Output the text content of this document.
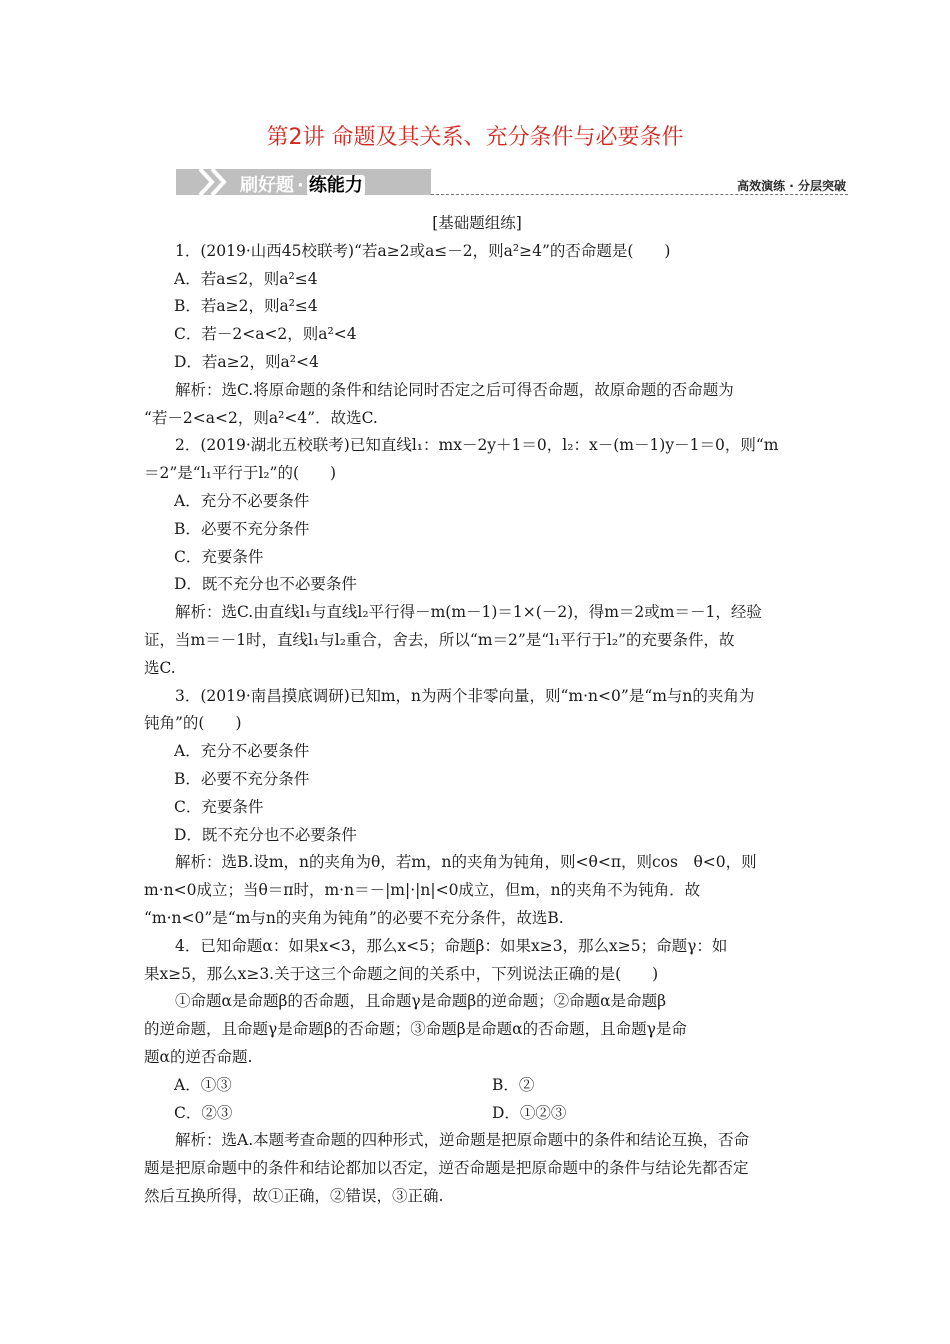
第2讲 命题及其关系、充分条件与必要条件
刷好题 · 练能力	高效演练 · 分层突破
[基础题组练]

1．(2019·山西45校联考)“若a≥2或a≤－2，则a²≥4”的否命题是(　　)

A．若a≤2，则a²≤4

B．若a≥2，则a²≤4

C．若－2<a<2，则a²<4

D．若a≥2，则a²<4

解析：选C.将原命题的条件和结论同时否定之后可得否命题，故原命题的否命题为

“若－2<a<2，则a²<4”．故选C.

2．(2019·湖北五校联考)已知直线l₁：mx－2y＋1＝0，l₂：x－(m－1)y－1＝0，则“m

＝2”是“l₁平行于l₂”的(　　)

A．充分不必要条件

B．必要不充分条件

C．充要条件

D．既不充分也不必要条件

解析：选C.由直线l₁与直线l₂平行得－m(m－1)＝1×(－2)，得m＝2或m＝－1，经验

证，当m＝－1时，直线l₁与l₂重合，舍去，所以“m＝2”是“l₁平行于l₂”的充要条件，故

选C.

3．(2019·南昌摸底调研)已知m，n为两个非零向量，则“m·n<0”是“m与n的夹角为

钝角”的(　　)

A．充分不必要条件

B．必要不充分条件

C．充要条件

D．既不充分也不必要条件

解析：选B.设m，n的夹角为θ，若m，n的夹角为钝角，则<θ<π，则cos　θ<0，则

m·n<0成立；当θ＝π时，m·n＝－|m|·|n|<0成立，但m，n的夹角不为钝角．故

“m·n<0”是“m与n的夹角为钝角”的必要不充分条件，故选B.

4．已知命题α：如果x<3，那么x<5；命题β：如果x≥3，那么x≥5；命题γ：如

果x≥5，那么x≥3.关于这三个命题之间的关系中，下列说法正确的是(　　)

①命题α是命题β的否命题，且命题γ是命题β的逆命题；②命题α是命题β

的逆命题，且命题γ是命题β的否命题；③命题β是命题α的否命题，且命题γ是命

题α的逆否命题.

A．①③	B．②
C．②③	D．①②③

解析：选A.本题考查命题的四种形式，逆命题是把原命题中的条件和结论互换，否命

题是把原命题中的条件和结论都加以否定，逆否命题是把原命题中的条件与结论先都否定

然后互换所得，故①正确，②错误，③正确.
